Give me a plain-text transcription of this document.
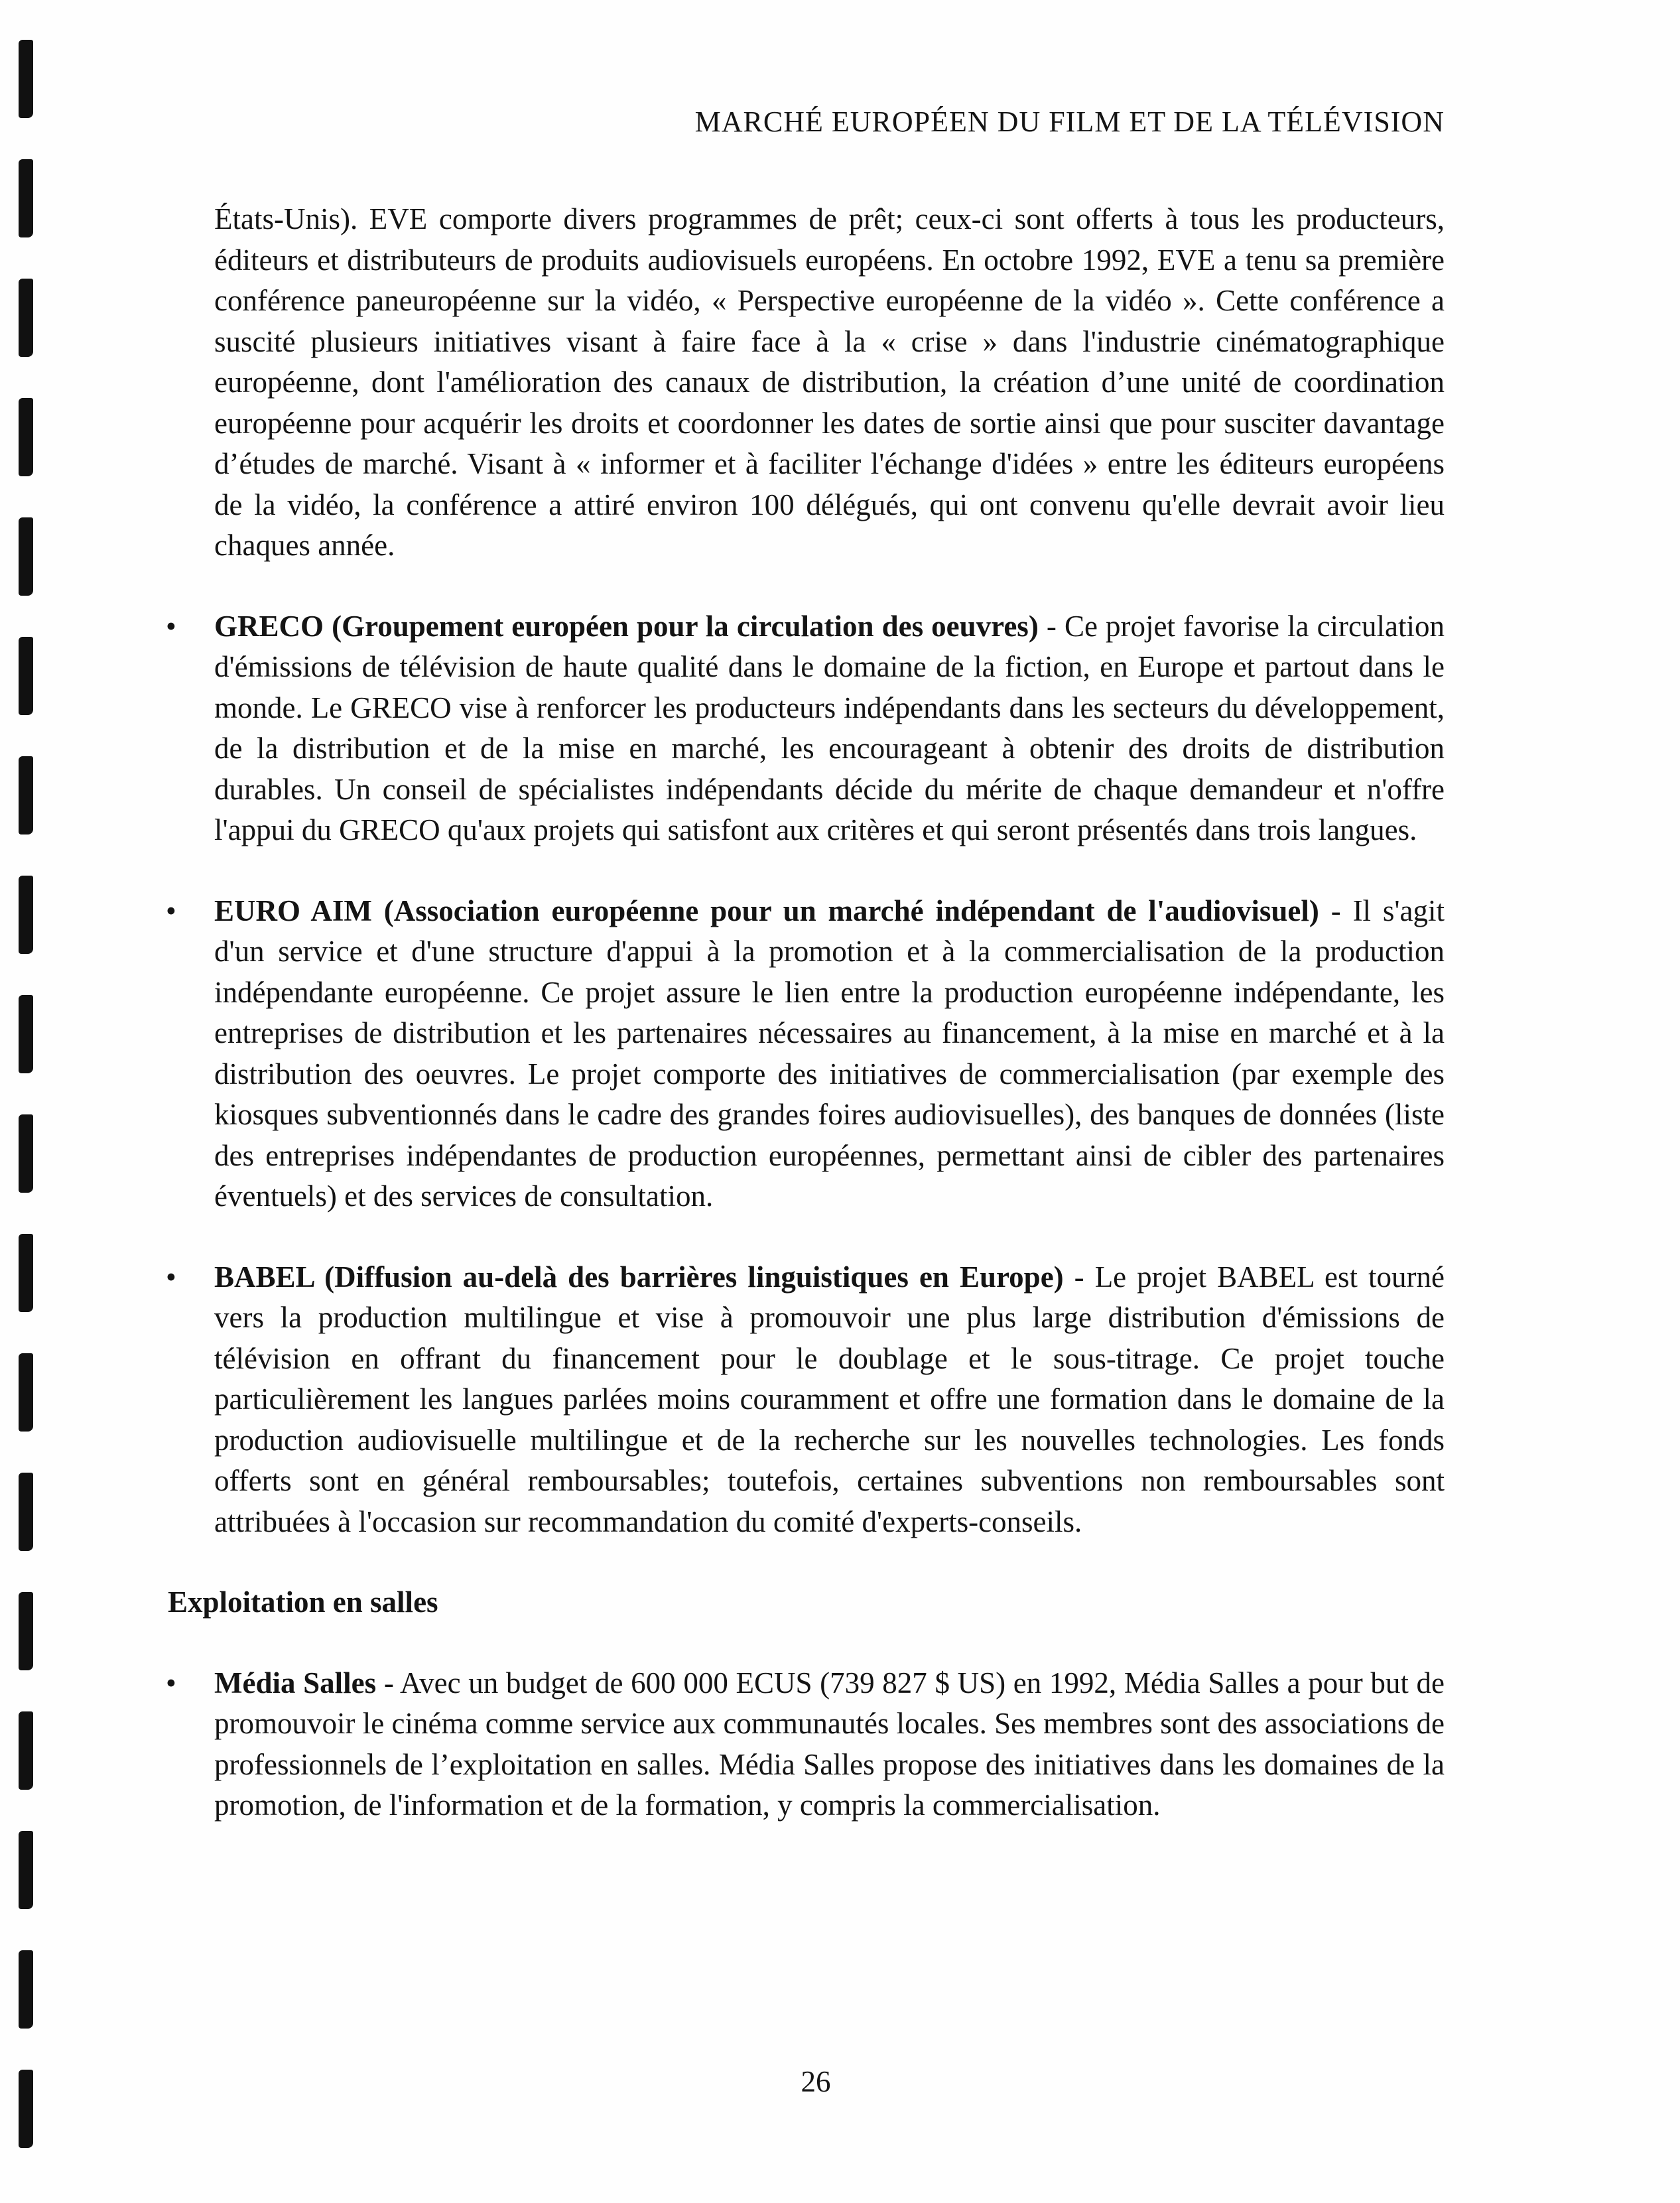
MARCHÉ EUROPÉEN DU FILM ET DE LA TÉLÉVISION

États-Unis). EVE comporte divers programmes de prêt; ceux-ci sont offerts à tous les producteurs, éditeurs et distributeurs de produits audiovisuels européens. En octobre 1992, EVE a tenu sa première conférence paneuropéenne sur la vidéo, « Perspective européenne de la vidéo ». Cette conférence a suscité plusieurs initiatives visant à faire face à la « crise » dans l'industrie cinématographique européenne, dont l'amélioration des canaux de distribution, la création d’une unité de coordination européenne pour acquérir les droits et coordonner les dates de sortie ainsi que pour susciter davantage d’études de marché. Visant à « informer et à faciliter l'échange d'idées » entre les éditeurs européens de la vidéo, la conférence a attiré environ 100 délégués, qui ont convenu qu'elle devrait avoir lieu chaques année.

•	GRECO (Groupement européen pour la circulation des oeuvres) - Ce projet favorise la circulation d'émissions de télévision de haute qualité dans le domaine de la fiction, en Europe et partout dans le monde. Le GRECO vise à renforcer les producteurs indépendants dans les secteurs du développement, de la distribution et de la mise en marché, les encourageant à obtenir des droits de distribution durables. Un conseil de spécialistes indépendants décide du mérite de chaque demandeur et n'offre l'appui du GRECO qu'aux projets qui satisfont aux critères et qui seront présentés dans trois langues.

•	EURO AIM (Association européenne pour un marché indépendant de l'audiovisuel) - Il s'agit d'un service et d'une structure d'appui à la promotion et à la commercialisation de la production indépendante européenne. Ce projet assure le lien entre la production européenne indépendante, les entreprises de distribution et les partenaires nécessaires au financement, à la mise en marché et à la distribution des oeuvres. Le projet comporte des initiatives de commercialisation (par exemple des kiosques subventionnés dans le cadre des grandes foires audiovisuelles), des banques de données (liste des entreprises indépendantes de production européennes, permettant ainsi de cibler des partenaires éventuels) et des services de consultation.

•	BABEL (Diffusion au-delà des barrières linguistiques en Europe) - Le projet BABEL est tourné vers la production multilingue et vise à promouvoir une plus large distribution d'émissions de télévision en offrant du financement pour le doublage et le sous-titrage. Ce projet touche particulièrement les langues parlées moins couramment et offre une formation dans le domaine de la production audiovisuelle multilingue et de la recherche sur les nouvelles technologies. Les fonds offerts sont en général remboursables; toutefois, certaines subventions non remboursables sont attribuées à l'occasion sur recommandation du comité d'experts-conseils.

Exploitation en salles
•	Média Salles - Avec un budget de 600 000 ECUS (739 827 $ US) en 1992, Média Salles a pour but de promouvoir le cinéma comme service aux communautés locales. Ses membres sont des associations de professionnels de l’exploitation en salles. Média Salles propose des initiatives dans les domaines de la promotion, de l'information et de la formation, y compris la commercialisation.

26
